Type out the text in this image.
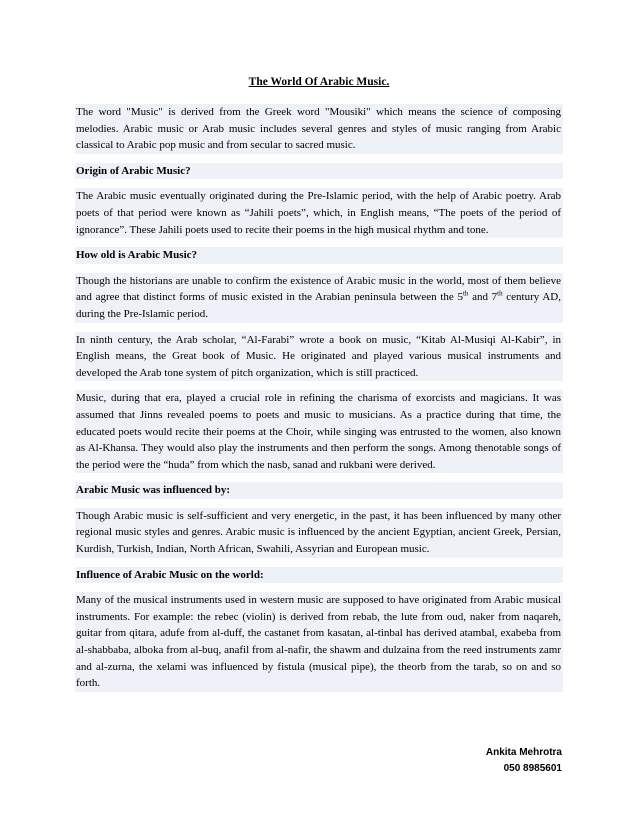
The World Of Arabic Music.

The word "Music" is derived from the Greek word "Mousiki" which means the science of composing melodies. Arabic music or Arab music includes several genres and styles of music ranging from Arabic classical to Arabic pop music and from secular to sacred music.

Origin of Arabic Music?

The Arabic music eventually originated during the Pre-Islamic period, with the help of Arabic poetry. Arab poets of that period were known as “Jahili poets”, which, in English means, “The poets of the period of ignorance”. These Jahili poets used to recite their poems in the high musical rhythm and tone.

How old is Arabic Music?

Though the historians are unable to confirm the existence of Arabic music in the world, most of them believe and agree that distinct forms of music existed in the Arabian peninsula between the 5th and 7th century AD, during the Pre-Islamic period.

In ninth century, the Arab scholar, “Al-Farabi” wrote a book on music, “Kitab Al-Musiqi Al-Kabir”, in English means, the Great book of Music. He originated and played various musical instruments and developed the Arab tone system of pitch organization, which is still practiced.

Music, during that era, played a crucial role in refining the charisma of exorcists and magicians. It was assumed that Jinns revealed poems to poets and music to musicians. As a practice during that time, the educated poets would recite their poems at the Choir, while singing was entrusted to the women, also known as Al-Khansa. They would also play the instruments and then perform the songs. Among thenotable songs of the period were the “huda” from which the nasb, sanad and rukbani were derived.

Arabic Music was influenced by:

Though Arabic music is self-sufficient and very energetic, in the past, it has been influenced by many other regional music styles and genres. Arabic music is influenced by the ancient Egyptian, ancient Greek, Persian, Kurdish, Turkish, Indian, North African, Swahili, Assyrian and European music.

Influence of Arabic Music on the world:

Many of the musical instruments used in western music are supposed to have originated from Arabic musical instruments. For example: the rebec (violin) is derived from rebab, the lute from oud, naker from naqareh, guitar from qitara, adufe from al-duff, the castanet from kasatan, al-tinbal has derived atambal, exabeba from al-shabbaba, alboka from al-buq, anafil from al-nafir, the shawm and dulzaina from the reed instruments zamr and al-zurna, the xelami was influenced by fistula (musical pipe), the theorb from the tarab, so on and so forth.

Ankita Mehrotra
050 8985601
